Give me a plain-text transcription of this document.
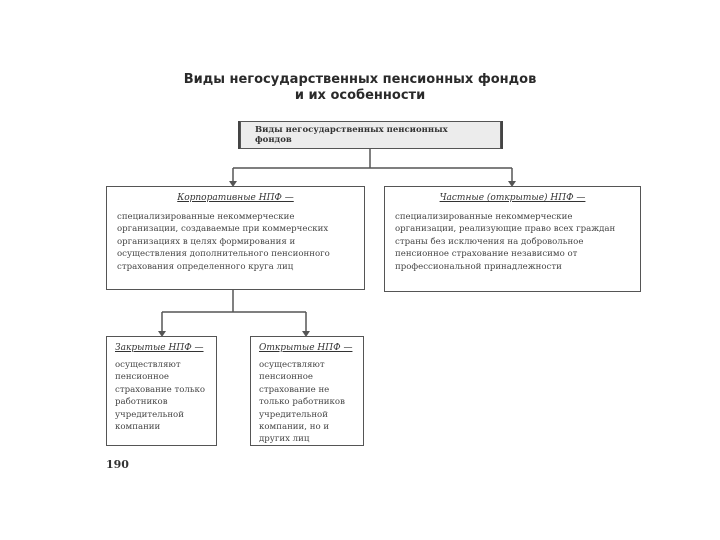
Виды негосударственных пенсионных фондов
и их особенности
Виды негосударственных пенсионных фондов
Корпоративные НПФ —
специализированные некоммерческие организации, создаваемые при коммерческих организациях в целях формирования и осуществления дополнительного пенсионного страхования определенного круга лиц
Частные (открытые) НПФ —
специализированные некоммерческие организации, реализующие право всех граждан страны без исключения на добровольное пенсионное страхование независимо от профессиональной принадлежности
Закрытые НПФ —
осуществляют пенсионное страхование только работников учредительной компании
Открытые НПФ —
осуществляют пенсионное страхование не только работников учредительной компании, но и других лиц
190
